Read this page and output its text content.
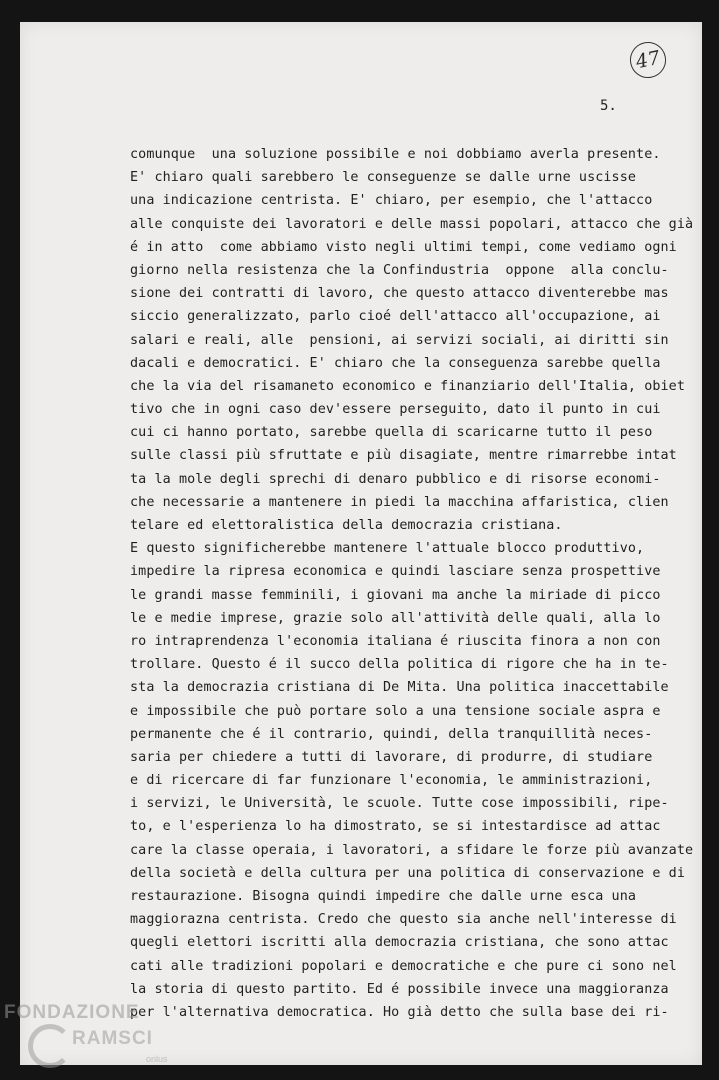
47
5.
comunque  una soluzione possibile e noi dobbiamo averla presente.
E' chiaro quali sarebbero le conseguenze se dalle urne uscisse
una indicazione centrista. E' chiaro, per esempio, che l'attacco
alle conquiste dei lavoratori e delle massi popolari, attacco che già
é in atto  come abbiamo visto negli ultimi tempi, come vediamo ogni
giorno nella resistenza che la Confindustria  oppone  alla conclu-
sione dei contratti di lavoro, che questo attacco diventerebbe mas
siccio generalizzato, parlo cioé dell'attacco all'occupazione, ai
salari e reali, alle  pensioni, ai servizi sociali, ai diritti sin
dacali e democratici. E' chiaro che la conseguenza sarebbe quella
che la via del risamaneto economico e finanziario dell'Italia, obiet
tivo che in ogni caso dev'essere perseguito, dato il punto in cui
cui ci hanno portato, sarebbe quella di scaricarne tutto il peso
sulle classi più sfruttate e più disagiate, mentre rimarrebbe intat
ta la mole degli sprechi di denaro pubblico e di risorse economi-
che necessarie a mantenere in piedi la macchina affaristica, clien
telare ed elettoralistica della democrazia cristiana.
E questo significherebbe mantenere l'attuale blocco produttivo,
impedire la ripresa economica e quindi lasciare senza prospettive
le grandi masse femminili, i giovani ma anche la miriade di picco
le e medie imprese, grazie solo all'attività delle quali, alla lo
ro intraprendenza l'economia italiana é riuscita finora a non con
trollare. Questo é il succo della politica di rigore che ha in te-
sta la democrazia cristiana di De Mita. Una politica inaccettabile
e impossibile che può portare solo a una tensione sociale aspra e
permanente che é il contrario, quindi, della tranquillità neces-
saria per chiedere a tutti di lavorare, di produrre, di studiare
e di ricercare di far funzionare l'economia, le amministrazioni,
i servizi, le Università, le scuole. Tutte cose impossibili, ripe-
to, e l'esperienza lo ha dimostrato, se si intestardisce ad attac
care la classe operaia, i lavoratori, a sfidare le forze più avanzate
della società e della cultura per una politica di conservazione e di
restaurazione. Bisogna quindi impedire che dalle urne esca una
maggiorazna centrista. Credo che questo sia anche nell'interesse di
quegli elettori iscritti alla democrazia cristiana, che sono attac
cati alle tradizioni popolari e democratiche e che pure ci sono nel
la storia di questo partito. Ed é possibile invece una maggioranza
per l'alternativa democratica. Ho già detto che sulla base dei ri-
FONDAZIONE
RAMSCI
onlus
